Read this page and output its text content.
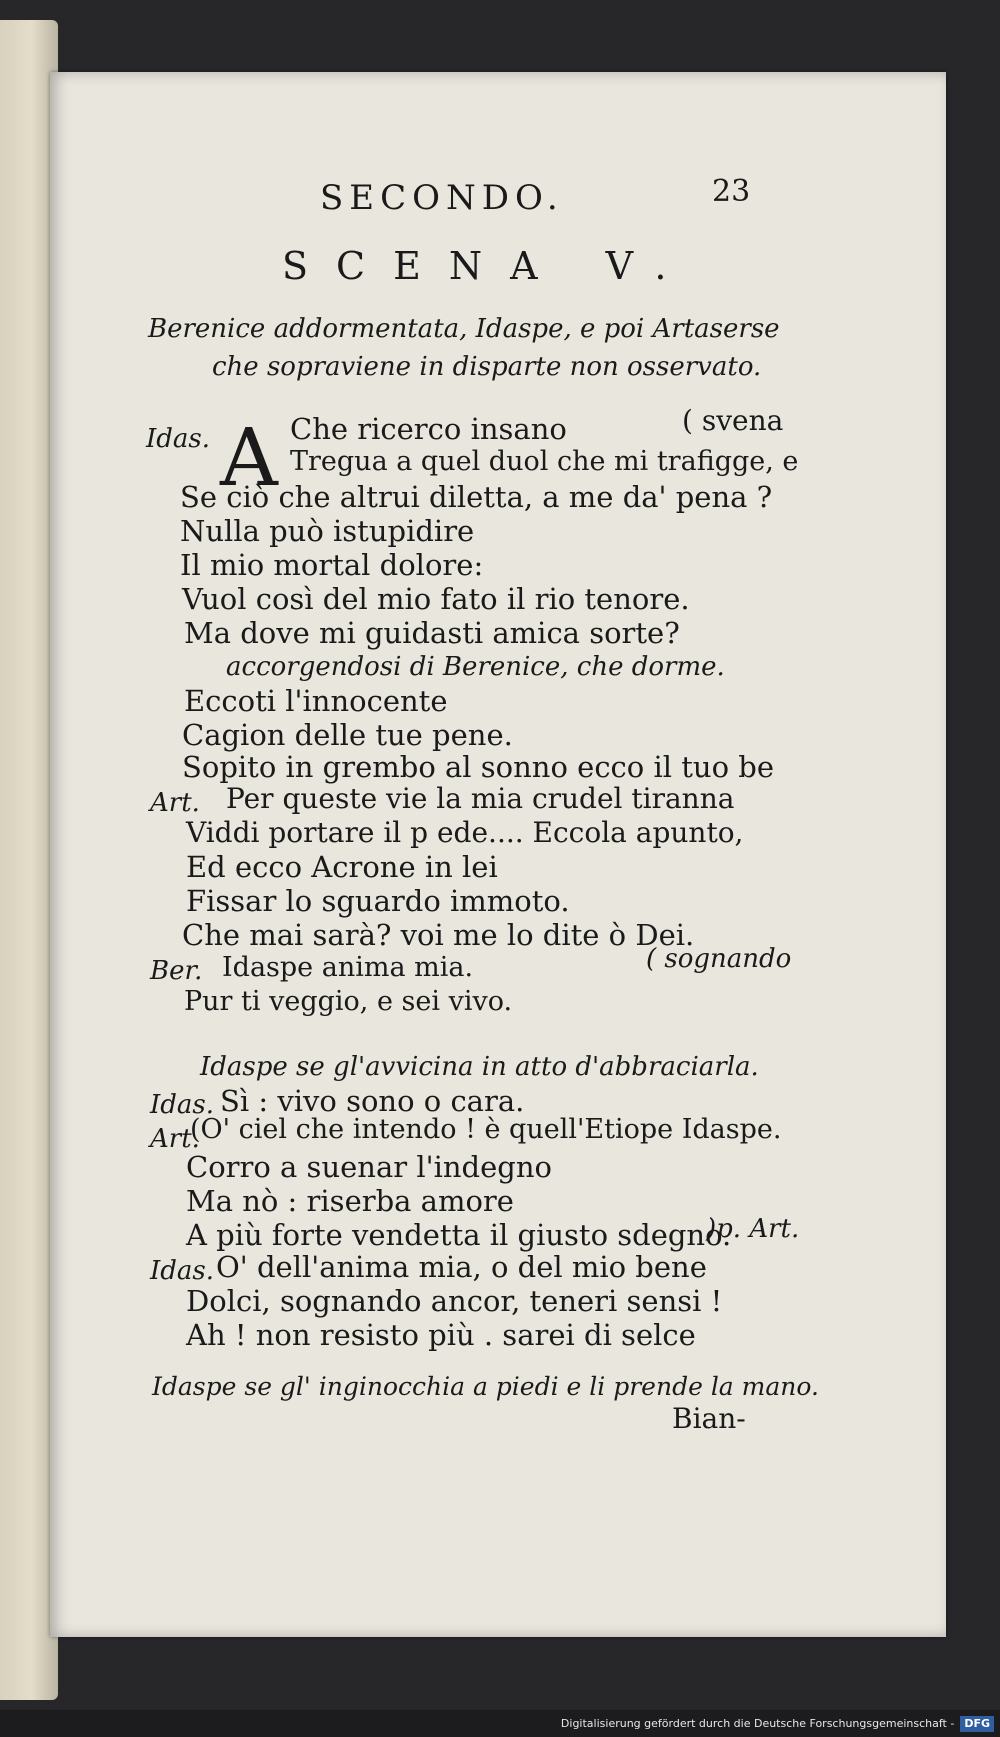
SECONDO.	23
SCENA V.
Berenice addormentata, Idaspe, e poi Artaserse
che sopraviene in disparte non osservato.
Idas. A Che ricerco insano	( svena
Tregua a quel duol che mi trafigge, e
Se ciò che altrui diletta, a me da' pena ?
Nulla può istupidire
Il mio mortal dolore:
Vuol così del mio fato il rio tenore.
Ma dove mi guidasti amica sorte?
accorgendosi di Berenice, che dorme.
Eccoti l'innocente
Cagion delle tue pene.
Sopito in grembo al sonno ecco il tuo be
Art. Per queste vie la mia crudel tiranna
Viddi portare il p ede.... Eccola apunto,
Ed ecco Acrone in lei
Fissar lo sguardo immoto.
Che mai sarà? voi me lo dite ò Dei.
Ber. Idaspe anima mia.	( sognando
Pur ti veggio, e sei vivo.
Idaspe se gl'avvicina in atto d'abbraciarla.
Idas. Sì : vivo sono o cara.
Art.
(O' ciel che intendo ! è quell'Etiope Idaspe.
Corro a suenar l'indegno
Ma nò : riserba amore
A più forte vendetta il giusto sdegno.
)p. Art.
Idas. O' dell'anima mia, o del mio bene
Dolci, sognando ancor, teneri sensi !
Ah ! non resisto più . sarei di selce
Idaspe se gl' inginocchia a piedi e li prende la mano.
Bian-
Digitalisierung gefördert durch die Deutsche Forschungsgemeinschaft - DFG
